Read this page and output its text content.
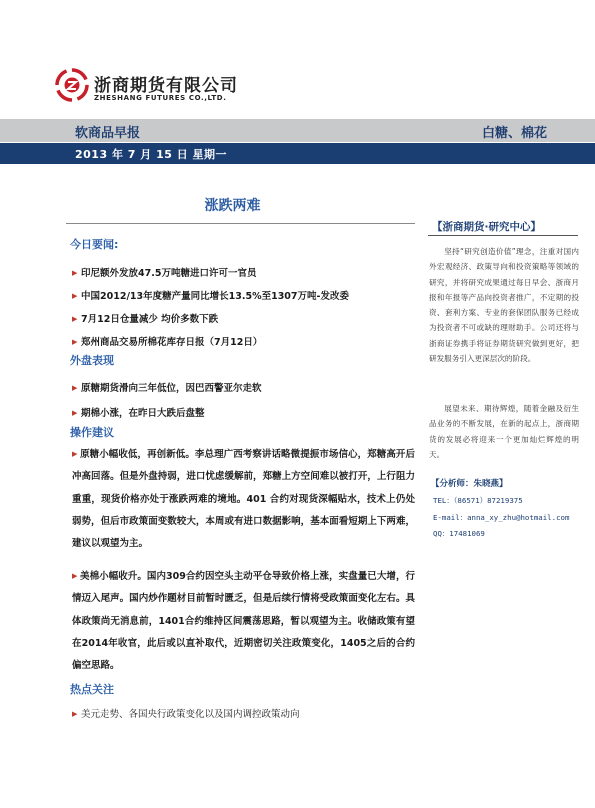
浙商期货有限公司
ZHESHANG FUTURES CO.,LTD.
软商品早报	白糖、棉花
2013 年 7 月 15 日 星期一
涨跌两难
今日要闻:
▶ 印尼额外发放47.5万吨糖进口许可一官员
▶ 中国2012/13年度糖产量同比增长13.5%至1307万吨-发改委
▶ 7月12日仓量减少 均价多数下跌
▶ 郑州商品交易所棉花库存日报（7月12日）
外盘表现
▶ 原糖期货滑向三年低位，因巴西警亚尔走软
▶ 期棉小涨，在昨日大跌后盘整
操作建议
▶ 原糖小幅收低，再创新低。李总理广西考察讲话略微提振市场信心，郑糖高开后冲高回落。但是外盘持弱，进口忧虑缓解前，郑糖上方空间难以被打开，上行阻力重重，现货价格亦处于涨跌两难的境地。401 合约对现货深幅贴水，技术上仍处弱势，但后市政策面变数较大，本周或有进口数据影响，基本面看短期上下两难，建议以观望为主。
▶ 美棉小幅收升。国内309合约因空头主动平仓导致价格上涨，实盘量已大增，行情迈入尾声。国内炒作题材目前暂时匮乏，但是后续行情将受政策面变化左右。具体政策尚无消息前，1401合约维持区间震荡思路，暂以观望为主。收储政策有望在2014年收官，此后或以直补取代，近期密切关注政策变化，1405之后的合约偏空思路。
热点关注
▶ 美元走势、各国央行政策变化以及国内调控政策动向
【浙商期货·研究中心】
坚持“研究创造价值”理念，注重对国内外宏观经济、政策导向和投资策略等领域的研究，并将研究成果通过每日早会、浙商月报和年报等产品向投资者推广，不定期的投资、套利方案、专业的套保团队服务已经成为投资者不可或缺的理财助手。公司还将与浙商证券携手将证券期货研究做到更好，把研发服务引入更深层次的阶段。
展望未来、期待辉煌，随着金融及衍生品业务的不断发展，在新的起点上，浙商期货的发展必将迎来一个更加灿烂辉煌的明天。
【分析师：朱晓燕】
TEL：（86571）87219375
E-mail：anna_xy_zhu@hotmail.com
QQ：17481069
